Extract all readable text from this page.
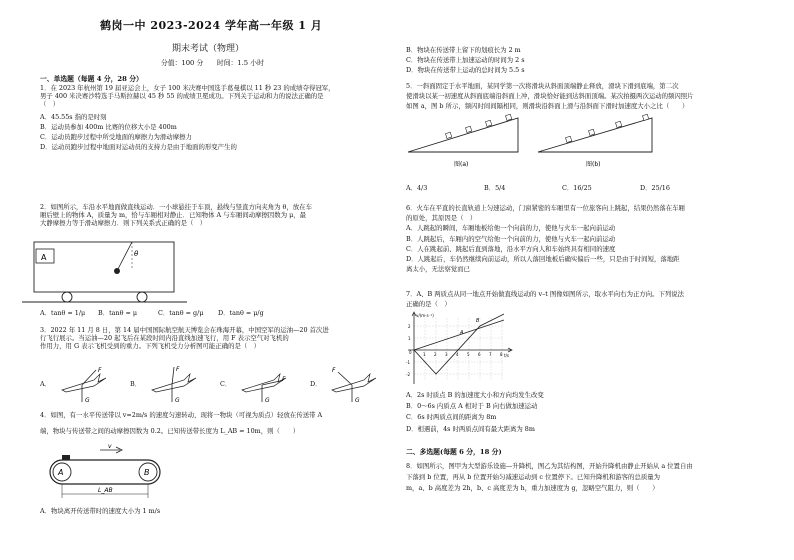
鹤岗一中 2023-2024 学年高一年级 1 月
期末考试（物理）
分值：100 分　　时间：1.5 小时
一、单选题（每题 4 分，28 分）
1．在 2023 年杭州第 19 届亚运会上，女子 100 米决赛中国选手葛曼棋以 11 秒 23 的成绩夺得冠军，
男子 400 米决赛沙特选手马斯拉赫以 45 秒 55 的成绩卫冕成功。下列关于运动和力的说法正确的是
（　）
A．45.55s 指的是时刻
B．运动员参加 400m 比赛的位移大小是 400m
C．运动员跑步过程中所受地面的摩擦力为滑动摩擦力
D．运动员跑步过程中地面对运动员的支持力是由于地面的形变产生的
2．如图所示，车沿水平地面做直线运动．一小球悬挂于车顶，悬线与竖直方向夹角为 θ，放在车
厢后壁上的物体 A，质量为 m，恰与车厢相对静止．已知物体 A 与车厢间动摩擦因数为 μ，最
大静摩擦力等于滑动摩擦力．则下列关系式正确的是（　）
A	θ
A．tanθ = 1/μ B．tanθ = μ	C．tanθ = g/μ D．tanθ = μ/g
3．2022 年 11 月 8 日，第 14 届中国国际航空航天博览会在珠海开幕，中国空军的运油—20 首次进
行飞行展示。当运油—20 起飞后在某段时间内沿直线加速飞行，用 F 表示空气对飞机的
作用力，用 G 表示飞机受到的重力。下列飞机受力分析图可能正确的是（　）
A．
F
G
B．
F
G
C．
F
G
D．
F
G
4．如图，有一水平传送带以 v=2m/s 的速度匀速转动，现将一物块（可视为质点）轻放在传送带 A
端，物块与传送带之间的动摩擦因数为 0.2。已知传送带长度为 L_AB = 10m，则（　　）
v
A	B
L_AB
A．物块离开传送带时的速度大小为 1 m/s
B．物块在传送带上留下的划痕长为 2 m
C．物块在传送带上加速运动的时间为 2 s
D．物块在传送带上运动的总时间为 5.5 s
5．一斜面固定于水平地面，某同学第一次将滑块从斜面顶端静止释放，滑块下滑到底端，第二次
使滑块以某一初速度从斜面底端沿斜面上冲，滑块恰好能到达斜面顶端。某次拍摄两次运动的频闪照片
如图 a，图 b 所示，频闪时间间隔相同，则滑块沿斜面上滑与沿斜面下滑时加速度大小之比（　　）
图(a)	图(b)
A．4/3	B．5/4	C．16/25	D．25/16
6．火车在平直的长直轨道上匀速运动，门窗紧密的车厢里有一位旅客向上跳起，结果仍然落在车厢
的原处，其原因是（　）
A．人跳起的瞬间，车厢地板给他一个向前的力，使他与火车一起向前运动
B．人跳起后，车厢内的空气给他一个向前的力，使他与火车一起向前运动
C．人在跳起前、跳起后直到落地，沿水平方向人和车始终具有相同的速度
D．人跳起后，车仍然继续向前运动，所以人落回地板后确实偏后一些，只是由于时间短，落地距
离太小，无法察觉而已
7．A、B 两质点从同一地点开始做直线运动的 v–t 图像如图所示，取水平向右为正方向。下列说法
正确的是（　）
v/(m·s⁻¹)
t/s
2
1
0
-1
-2
1 2 3 4 5 6 7 8
A
B
A．2s 时质点 B 的加速度大小和方向均发生改变
B．0～6s 内质点 A 相对于 B 向右做加速运动
C．6s 时两质点间的距离为 8m
D．相遇前，4s 时两质点间有最大距离为 8m
二、多选题(每题 6 分，18 分)
8．如图所示，图甲为大型游乐设施—升降机，图乙为其结构图，开始升降机由静止开始从 a 位置自由
下落到 b 位置，再从 b 位置开始匀减速运动到 c 位置停下。已知升降机和游客的总质量为
m，a、b 高度差为 2h，b、c 高度差为 h，重力加速度为 g，忽略空气阻力，则（　　）
